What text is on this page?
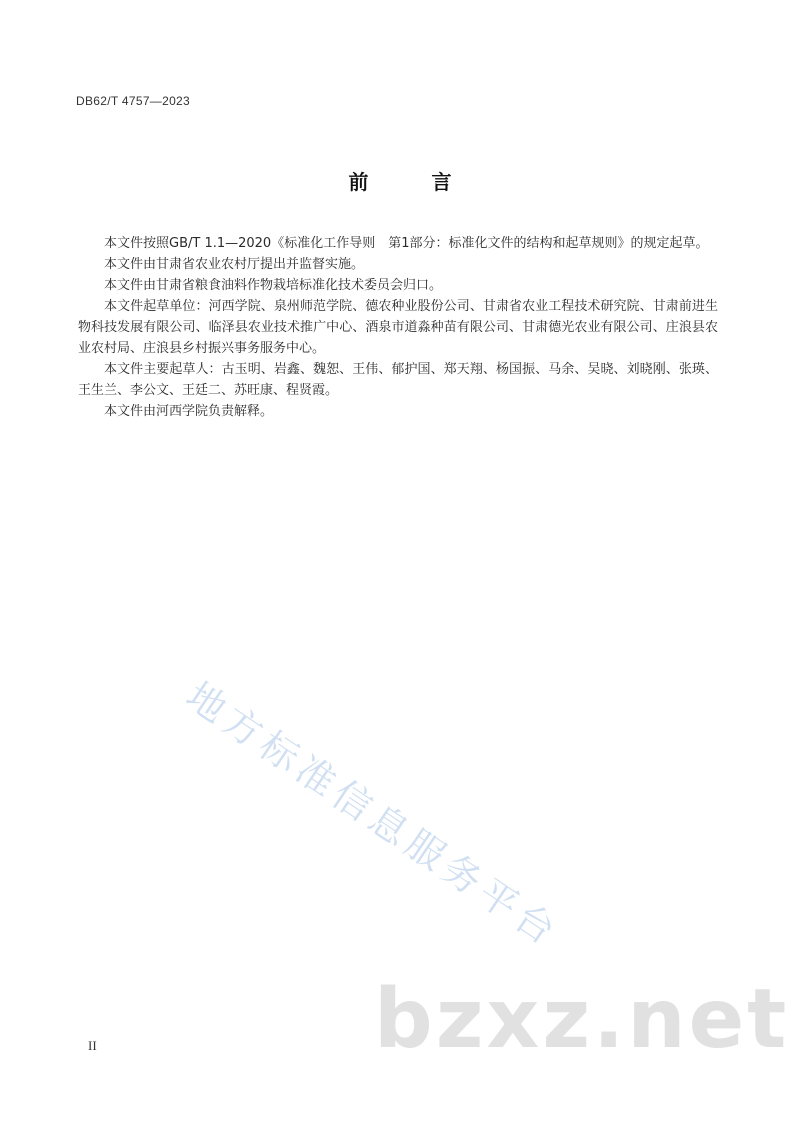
DB62/T 4757—2023
前 言

本文件按照GB/T 1.1—2020《标准化工作导则　第1部分：标准化文件的结构和起草规则》的规定起草。

本文件由甘肃省农业农村厅提出并监督实施。

本文件由甘肃省粮食油料作物栽培标准化技术委员会归口。

本文件起草单位：河西学院、泉州师范学院、德农种业股份公司、甘肃省农业工程技术研究院、甘肃前进生物科技发展有限公司、临泽县农业技术推广中心、酒泉市道淼种苗有限公司、甘肃德光农业有限公司、庄浪县农业农村局、庄浪县乡村振兴事务服务中心。

本文件主要起草人：古玉明、岩鑫、魏恕、王伟、郁护国、郑天翔、杨国振、马余、吴晓、刘晓刚、张瑛、王生兰、李公文、王廷二、苏旺康、程贤霞。

本文件由河西学院负责解释。

地方标准信息服务平台
bzxz.net
II
